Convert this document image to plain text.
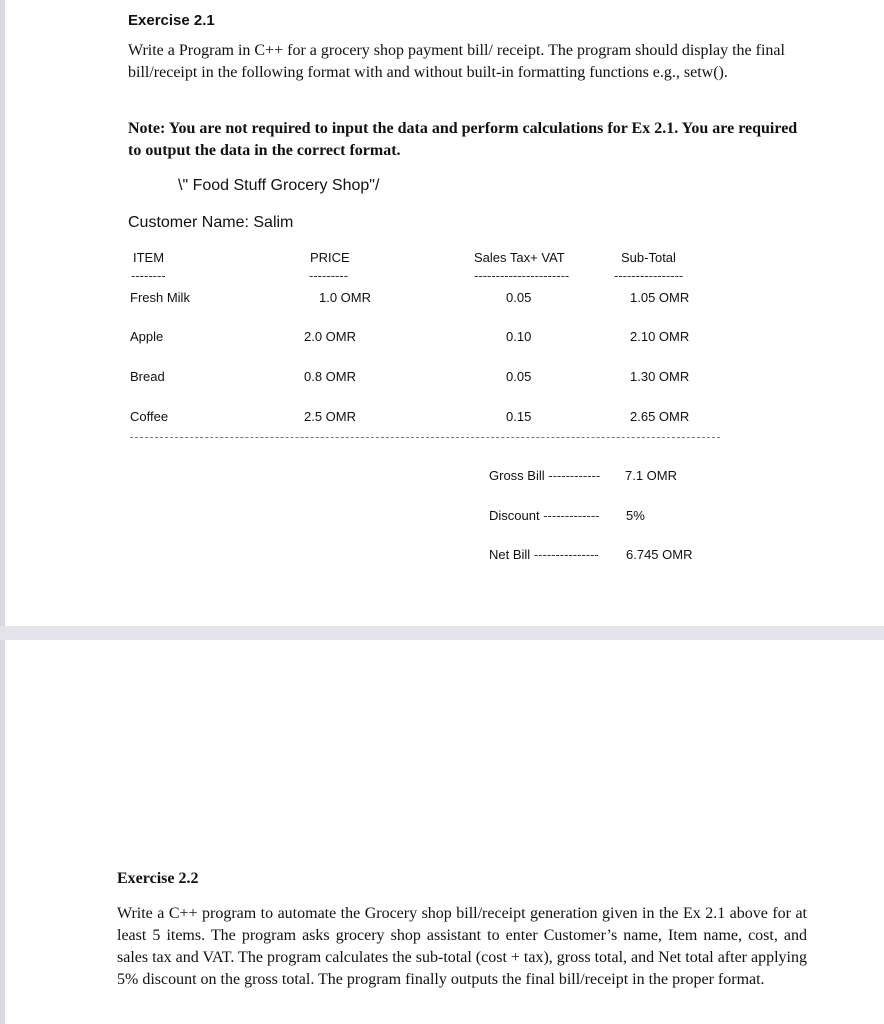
Exercise 2.1
Write a Program in C++ for a grocery shop payment bill/ receipt. The program should display the final bill/receipt in the following format with and without built-in formatting functions e.g., setw().
Note: You are not required to input the data and perform calculations for Ex 2.1. You are required to output the data in the correct format.
\" Food Stuff Grocery Shop"/
Customer Name: Salim
ITEM	PRICE	Sales Tax+ VAT	Sub-Total
--------	---------	----------------------	----------------
Fresh Milk	1.0 OMR	0.05	1.05 OMR
Apple	2.0 OMR	0.10	2.10 OMR
Bread	0.8 OMR	0.05	1.30 OMR
Coffee	2.5 OMR	0.15	2.65 OMR
Gross Bill ------------ 7.1 OMR
Discount ------------- 5%
Net Bill --------------- 6.745 OMR
Exercise 2.2
Write a C++ program to automate the Grocery shop bill/receipt generation given in the Ex 2.1 above for at least 5 items. The program asks grocery shop assistant to enter Customer’s name, Item name, cost, and sales tax and VAT. The program calculates the sub-total (cost + tax), gross total, and Net total after applying 5% discount on the gross total. The program finally outputs the final bill/receipt in the proper format.
